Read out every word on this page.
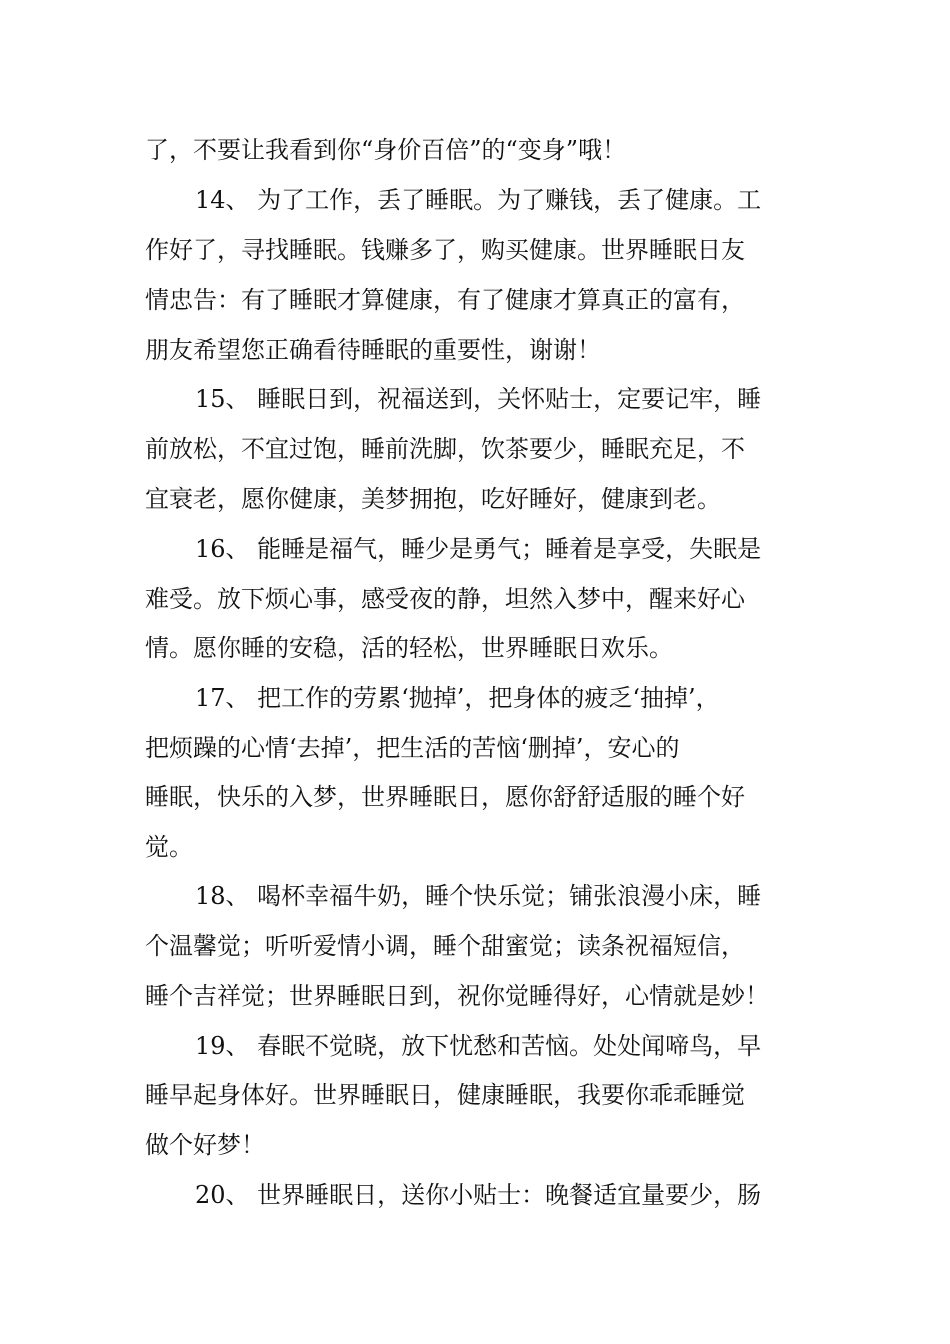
了，不要让我看到你“身价百倍”的“变身”哦！
14、 为了工作，丢了睡眠。为了赚钱，丢了健康。工
作好了，寻找睡眠。钱赚多了，购买健康。世界睡眠日友
情忠告：有了睡眠才算健康，有了健康才算真正的富有，
朋友希望您正确看待睡眠的重要性，谢谢！
15、 睡眠日到，祝福送到，关怀贴士，定要记牢，睡
前放松，不宜过饱，睡前洗脚，饮茶要少，睡眠充足，不
宜衰老，愿你健康，美梦拥抱，吃好睡好，健康到老。
16、 能睡是福气，睡少是勇气；睡着是享受，失眠是
难受。放下烦心事，感受夜的静，坦然入梦中，醒来好心
情。愿你睡的安稳，活的轻松，世界睡眠日欢乐。
17、 把工作的劳累‘抛掉’，把身体的疲乏‘抽掉’，
把烦躁的心情‘去掉’，把生活的苦恼‘删掉’，安心的
睡眠，快乐的入梦，世界睡眠日，愿你舒舒适服的睡个好
觉。
18、 喝杯幸福牛奶，睡个快乐觉；铺张浪漫小床，睡
个温馨觉；听听爱情小调，睡个甜蜜觉；读条祝福短信，
睡个吉祥觉；世界睡眠日到，祝你觉睡得好，心情就是妙！
19、 春眠不觉晓，放下忧愁和苦恼。处处闻啼鸟，早
睡早起身体好。世界睡眠日，健康睡眠，我要你乖乖睡觉
做个好梦！
20、 世界睡眠日，送你小贴士：晚餐适宜量要少，肠
